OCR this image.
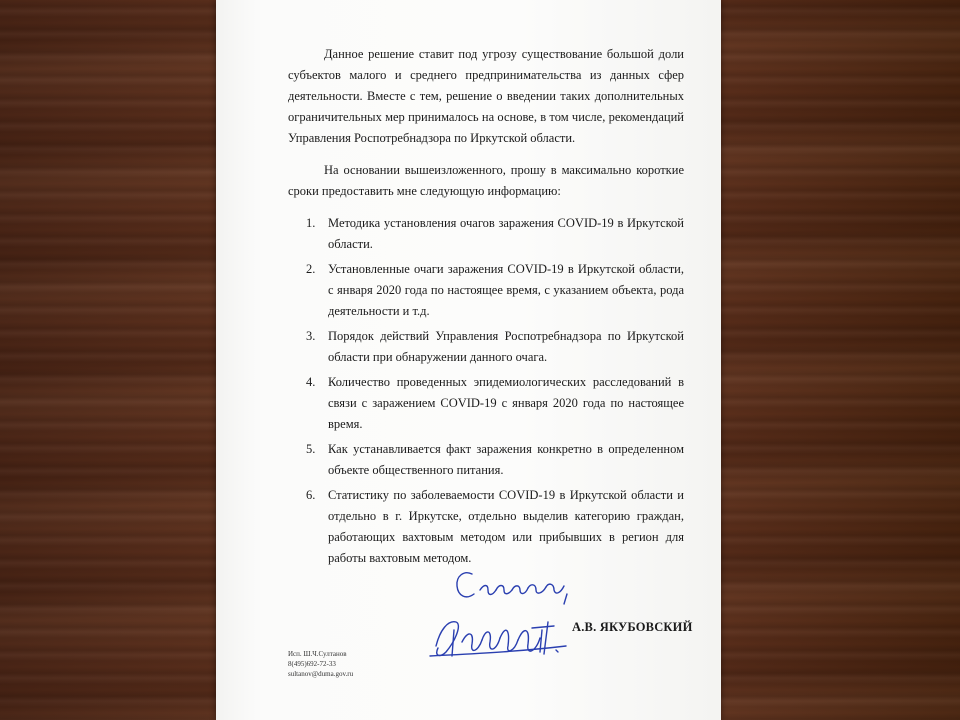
Данное решение ставит под угрозу существование большой доли субъектов малого и среднего предпринимательства из данных сфер деятельности. Вместе с тем, решение о введении таких дополнительных ограничительных мер принималось на основе, в том числе, рекомендаций Управления Роспотребнадзора по Иркутской области.

На основании вышеизложенного, прошу в максимально короткие сроки предоставить мне следующую информацию:

1. Методика установления очагов заражения COVID-19 в Иркутской области.
2. Установленные очаги заражения COVID-19 в Иркутской области, с января 2020 года по настоящее время, с указанием объекта, рода деятельности и т.д.
3. Порядок действий Управления Роспотребнадзора по Иркутской области при обнаружении данного очага.
4. Количество проведенных эпидемиологических расследований в связи с заражением COVID-19 с января 2020 года по настоящее время.
5. Как устанавливается факт заражения конкретно в определенном объекте общественного питания.
6. Статистику по заболеваемости COVID-19 в Иркутской области и отдельно в г. Иркутске, отдельно выделив категорию граждан, работающих вахтовым методом или прибывших в регион для работы вахтовым методом.
А.В. ЯКУБОВСКИЙ
Исп. Ш.Ч.Султанов
8(495)692-72-33
sultanov@duma.gov.ru
